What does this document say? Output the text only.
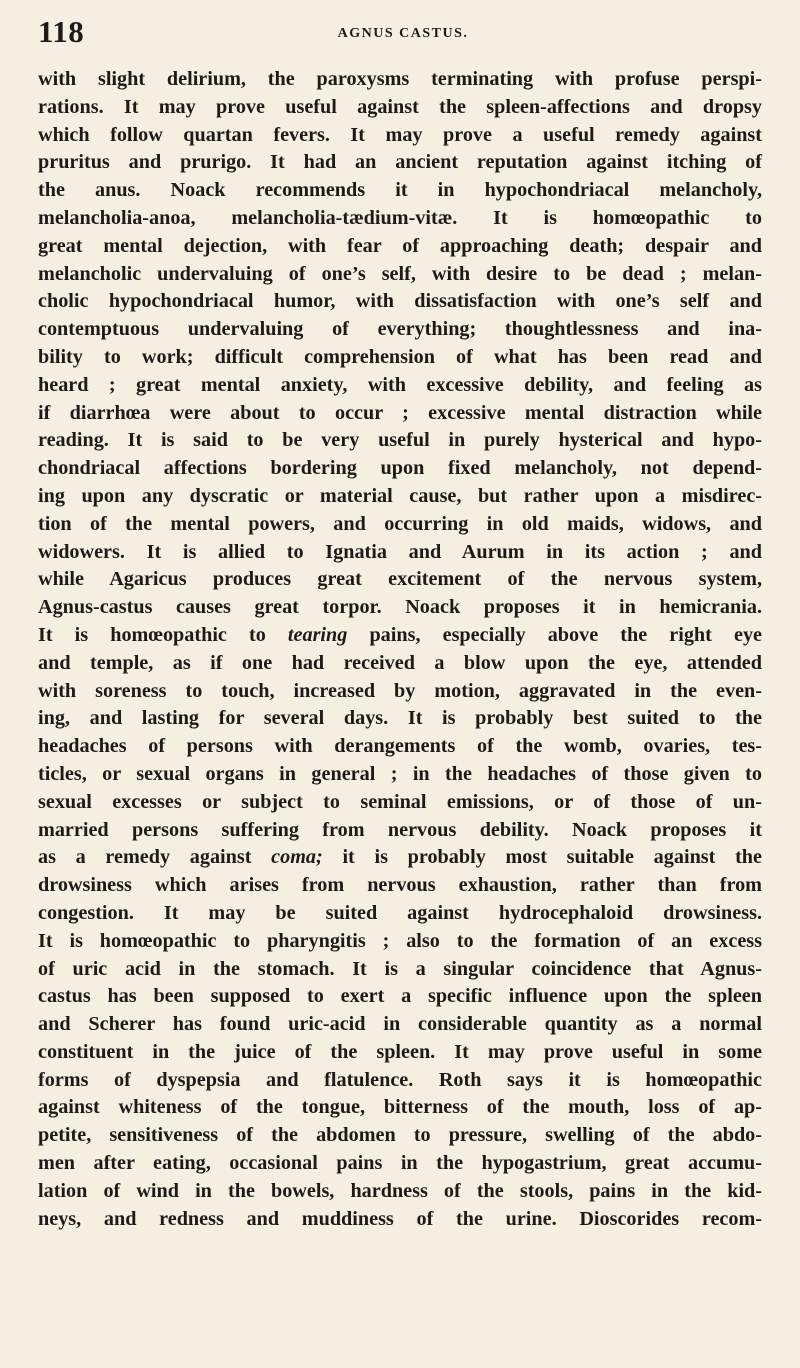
118	AGNUS CASTUS.
with slight delirium, the paroxysms terminating with profuse perspi-
rations. It may prove useful against the spleen-affections and dropsy
which follow quartan fevers. It may prove a useful remedy against
pruritus and prurigo. It had an ancient reputation against itching of
the anus. Noack recommends it in hypochondriacal melancholy,
melancholia-anoa, melancholia-tædium-vitæ. It is homœopathic to
great mental dejection, with fear of approaching death; despair and
melancholic undervaluing of one’s self, with desire to be dead ; melan-
cholic hypochondriacal humor, with dissatisfaction with one’s self and
contemptuous undervaluing of everything; thoughtlessness and ina-
bility to work; difficult comprehension of what has been read and
heard ; great mental anxiety, with excessive debility, and feeling as
if diarrhœa were about to occur ; excessive mental distraction while
reading. It is said to be very useful in purely hysterical and hypo-
chondriacal affections bordering upon fixed melancholy, not depend-
ing upon any dyscratic or material cause, but rather upon a misdirec-
tion of the mental powers, and occurring in old maids, widows, and
widowers. It is allied to Ignatia and Aurum in its action ; and
while Agaricus produces great excitement of the nervous system,
Agnus-castus causes great torpor. Noack proposes it in hemicrania.
It is homœopathic to tearing pains, especially above the right eye
and temple, as if one had received a blow upon the eye, attended
with soreness to touch, increased by motion, aggravated in the even-
ing, and lasting for several days. It is probably best suited to the
headaches of persons with derangements of the womb, ovaries, tes-
ticles, or sexual organs in general ; in the headaches of those given to
sexual excesses or subject to seminal emissions, or of those of un-
married persons suffering from nervous debility. Noack proposes it
as a remedy against coma; it is probably most suitable against the
drowsiness which arises from nervous exhaustion, rather than from
congestion. It may be suited against hydrocephaloid drowsiness.
It is homœopathic to pharyngitis ; also to the formation of an excess
of uric acid in the stomach. It is a singular coincidence that Agnus-
castus has been supposed to exert a specific influence upon the spleen
and Scherer has found uric-acid in considerable quantity as a normal
constituent in the juice of the spleen. It may prove useful in some
forms of dyspepsia and flatulence. Roth says it is homœopathic
against whiteness of the tongue, bitterness of the mouth, loss of ap-
petite, sensitiveness of the abdomen to pressure, swelling of the abdo-
men after eating, occasional pains in the hypogastrium, great accumu-
lation of wind in the bowels, hardness of the stools, pains in the kid-
neys, and redness and muddiness of the urine. Dioscorides recom-
